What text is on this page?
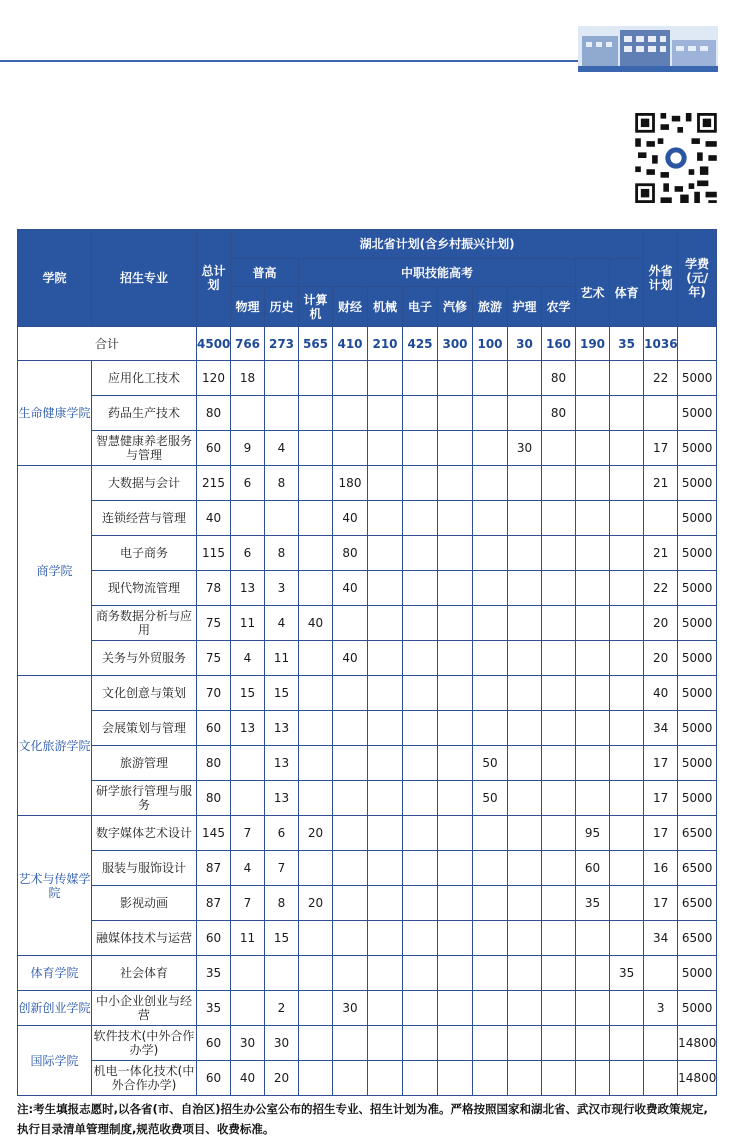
学院	招生专业	总计划	湖北省计划(含乡村振兴计划)												外省计划	学费(元/年)
			普高		中职技能高考								艺术	体育		
			物理	历史	计算机	财经	机械	电子	汽修	旅游	护理	农学				
合计		4500	766	273	565	410	210	425	300	100	30	160	190	35	1036	
生命健康学院	应用化工技术	120	18									80			22	5000
	药品生产技术	80										80				5000
	智慧健康养老服务与管理	60	9	4							30				17	5000
商学院	大数据与会计	215	6	8		180									21	5000
	连锁经营与管理	40				40										5000
	电子商务	115	6	8		80									21	5000
	现代物流管理	78	13	3		40									22	5000
	商务数据分析与应用	75	11	4	40										20	5000
	关务与外贸服务	75	4	11		40									20	5000
文化旅游学院	文化创意与策划	70	15	15											40	5000
	会展策划与管理	60	13	13											34	5000
	旅游管理	80		13						50					17	5000
	研学旅行管理与服务	80		13						50					17	5000
艺术与传媒学院	数字媒体艺术设计	145	7	6	20								95		17	6500
	服装与服饰设计	87	4	7									60		16	6500
	影视动画	87	7	8	20								35		17	6500
	融媒体技术与运营	60	11	15											34	6500
体育学院	社会体育	35												35		5000
创新创业学院	中小企业创业与经营	35		2		30									3	5000
国际学院	软件技术(中外合作办学)	60	30	30												14800
	机电一体化技术(中外合作办学)	60	40	20												14800
注:考生填报志愿时,以各省(市、自治区)招生办公室公布的招生专业、招生计划为准。严格按照国家和湖北省、武汉市现行收费政策规定,执行目录清单管理制度,规范收费项目、收费标准。
